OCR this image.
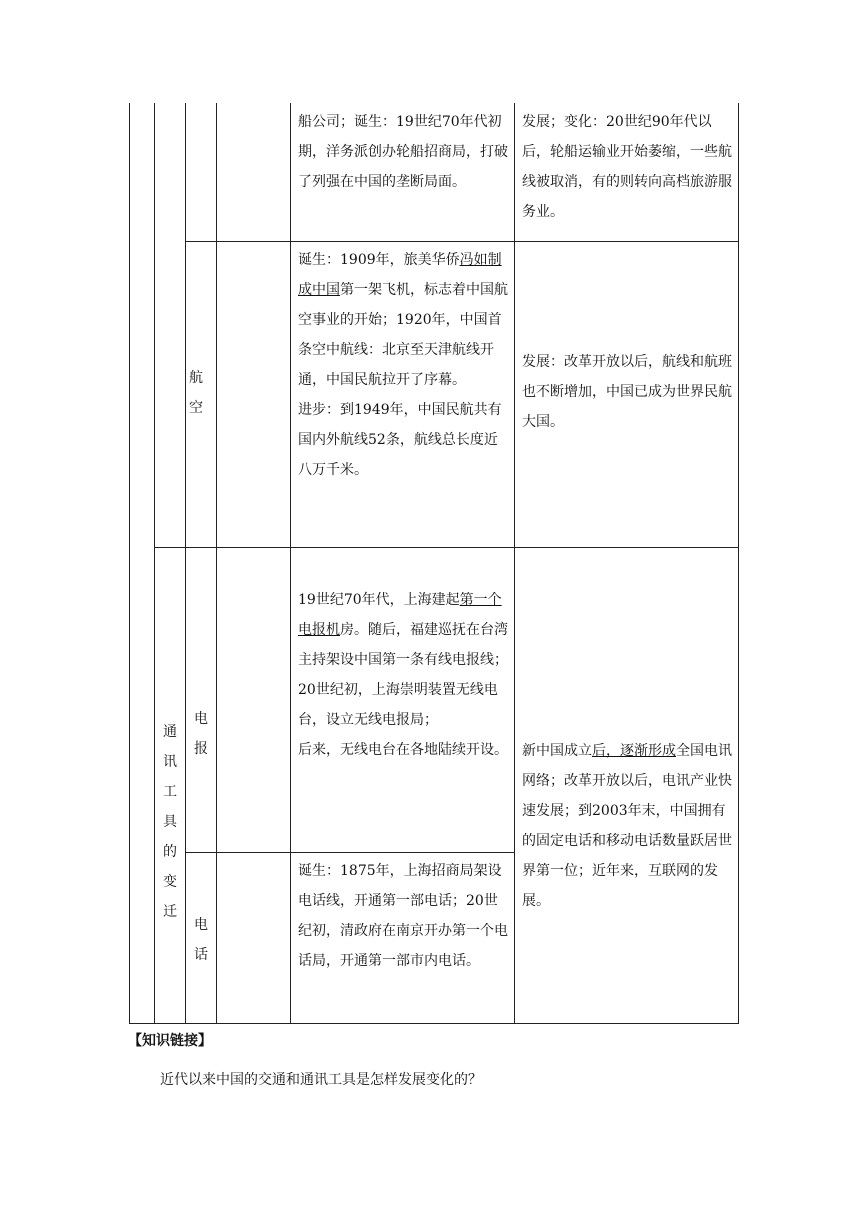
船公司；诞生：19世纪70年代初期，洋务派创办轮船招商局，打破了列强在中国的垄断局面。

发展；变化：20世纪90年代以后，轮船运输业开始萎缩，一些航线被取消，有的则转向高档旅游服务业。

航
空

诞生：1909年，旅美华侨冯如制成中国第一架飞机，标志着中国航空事业的开始；1920年，中国首条空中航线：北京至天津航线开通，中国民航拉开了序幕。

进步：到1949年，中国民航共有国内外航线52条，航线总长度近八万千米。

发展：改革开放以后，航线和航班也不断增加，中国已成为世界民航大国。

通
讯
工
具
的
变
迁
电
报

19世纪70年代，上海建起第一个电报机房。随后，福建巡抚在台湾主持架设中国第一条有线电报线；20世纪初，上海崇明装置无线电台，设立无线电报局；

后来，无线电台在各地陆续开设。

电
话

诞生：1875年，上海招商局架设电话线，开通第一部电话；20世纪初，清政府在南京开办第一个电话局，开通第一部市内电话。

新中国成立后，逐渐形成全国电讯网络；改革开放以后，电讯产业快速发展；到2003年末，中国拥有的固定电话和移动电话数量跃居世界第一位；近年来，互联网的发展。

【知识链接】
近代以来中国的交通和通讯工具是怎样发展变化的？
